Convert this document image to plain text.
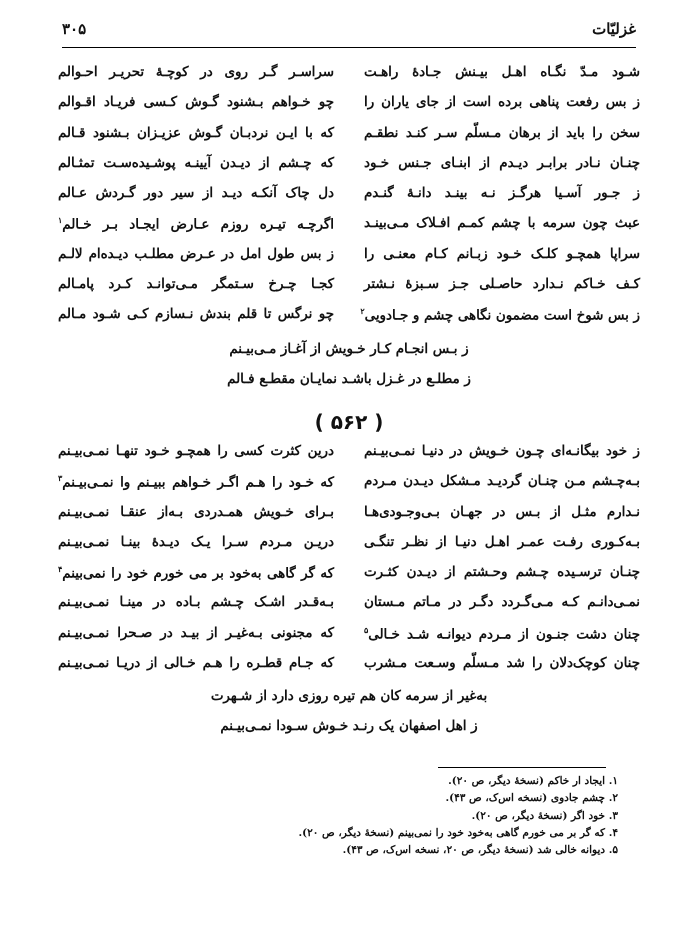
غزلیّات
۳۰۵
شـود مـدّ نگـاه اهـل بیـنش جـادهٔ راهـت
سراسـر گـر روی در کوچـهٔ تحریـر احـوالم
ز بس رفعت پناهی برده است از جای یاران را
چو خـواهم بـشنود گـوش کـسی فریـاد اقـوالم
سخن را باید از برهان مـسلّم سـر کنـد نطقـم
که با ایـن نردبـان گـوش عزیـزان بـشنود قـالم
چنـان نـادر برابـر دیـدم از ابنـای جـنس خـود
که چـشم از دیـدن آیینـه پوشـیده‌سـت تمثـالم
ز جـور آسـیا هرگـز نـه بینـد دانـهٔ گنـدم
دل چاک آنکـه دیـد از سیر دور گـردش عـالم
عبث چون سرمه با چشم کمـم افـلاک مـی‌بینـد
اگرچـه تیـره روزم عـارض ایجـاد بـر خـالم$^۱$
سراپا همچـو کلـک خـود زبـانم کـام معنـی را
ز بس طول امل در عـرض مطلـب دیـده‌ام لالـم
کـف خـاکم نـدارد حاصـلی جـز سـبزهٔ نـشتر
کجـا چـرخ سـتمگر مـی‌توانـد کـرد پامـالم
ز بس شوخ است مضمون نگاهی چشم و جـادویی$^۲$
چو نرگس تا قلم بندش نـسازم کـی شـود مـالم
ز بـس انجـام کـار خـویش از آغـاز مـی‌بیـنم
ز مطلـع در غـزل باشـد نمایـان مقطـع فـالم
( ۵۶۲ )
ز خود بیگانـه‌ای چـون خـویش در دنیـا نمـی‌بیـنم
درین کثرت کسی را همچـو خـود تنهـا نمـی‌بیـنم
بـه‌چـشم مـن چنـان گردیـد مـشکل دیـدن مـردم
که خـود را هـم اگـر خـواهم ببیـنم وا نمـی‌بیـنم$^۳$
نـدارم مثـل از بـس در جهـان بـی‌وجـودی‌هـا
بـرای خـویش همـدردی بـه‌از عنقـا نمـی‌بیـنم
بـه‌کـوری رفـت عمـر اهـل دنیـا از نظـر تنگـی
دریـن مـردم سـرا یـک دیـدهٔ بینـا نمـی‌بیـنم
چنـان ترسـیده چـشم وحـشتم از دیـدن کثـرت
که گر گاهی به‌خود بر می خورم خود را نمی‌بینم$^۴$
نمـی‌دانـم کـه مـی‌گـردد دگـر در مـاتم مـستان
بـه‌قـدر اشـک چـشم بـاده در مینـا نمـی‌بیـنم
چنان دشت جنـون از مـردم دیوانـه شـد خـالی$^۵$
که مجنونی بـه‌غیـر از بیـد در صـحرا نمـی‌بیـنم
چنان کوچک‌دلان را شد مـسلّم وسـعت مـشرب
که جـام قطـره را هـم خـالی از دریـا نمـی‌بیـنم
به‌غیر از سرمه کان هم تیره روزی دارد از شـهرت
ز اهل اصفهان یک رنـد خـوش سـودا نمـی‌بیـنم
۱. ایجاد ار خاکم (نسخهٔ دیگر، ص ۲۰).
۲. چشم جادوی (نسخه اس‌ک، ص ۴۳).
۳. خود اگر (نسخهٔ دیگر، ص ۲۰).
۴. که گر بر می خورم گاهی به‌خود خود را نمی‌بینم (نسخهٔ دیگر، ص ۲۰).
۵. دیوانه خالی شد (نسخهٔ دیگر، ص ۲۰، نسخه اس‌ک، ص ۴۳).
